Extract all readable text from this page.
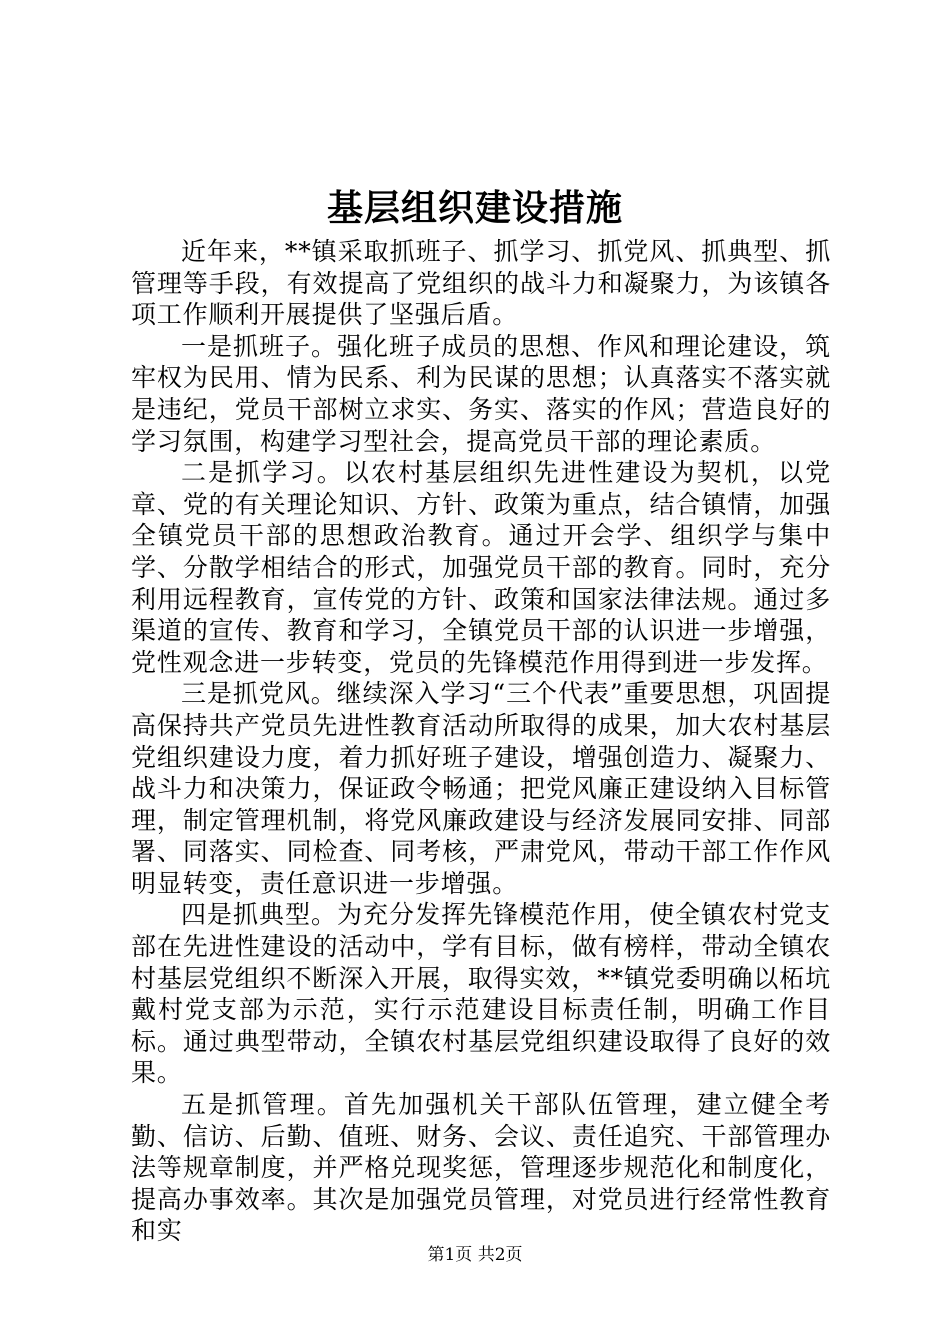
基层组织建设措施

近年来，**镇采取抓班子、抓学习、抓党风、抓典型、抓管理等手段，有效提高了党组织的战斗力和凝聚力，为该镇各项工作顺利开展提供了坚强后盾。

一是抓班子。强化班子成员的思想、作风和理论建设，筑牢权为民用、情为民系、利为民谋的思想；认真落实不落实就是违纪，党员干部树立求实、务实、落实的作风；营造良好的学习氛围，构建学习型社会，提高党员干部的理论素质。

二是抓学习。以农村基层组织先进性建设为契机，以党章、党的有关理论知识、方针、政策为重点，结合镇情，加强全镇党员干部的思想政治教育。通过开会学、组织学与集中学、分散学相结合的形式，加强党员干部的教育。同时，充分利用远程教育，宣传党的方针、政策和国家法律法规。通过多渠道的宣传、教育和学习，全镇党员干部的认识进一步增强，党性观念进一步转变，党员的先锋模范作用得到进一步发挥。

三是抓党风。继续深入学习“三个代表”重要思想，巩固提高保持共产党员先进性教育活动所取得的成果，加大农村基层党组织建设力度，着力抓好班子建设，增强创造力、凝聚力、战斗力和决策力，保证政令畅通；把党风廉正建设纳入目标管理，制定管理机制，将党风廉政建设与经济发展同安排、同部署、同落实、同检查、同考核，严肃党风，带动干部工作作风明显转变，责任意识进一步增强。

四是抓典型。为充分发挥先锋模范作用，使全镇农村党支部在先进性建设的活动中，学有目标，做有榜样，带动全镇农村基层党组织不断深入开展，取得实效，**镇党委明确以柘坑戴村党支部为示范，实行示范建设目标责任制，明确工作目标。通过典型带动，全镇农村基层党组织建设取得了良好的效果。

五是抓管理。首先加强机关干部队伍管理，建立健全考勤、信访、后勤、值班、财务、会议、责任追究、干部管理办法等规章制度，并严格兑现奖惩，管理逐步规范化和制度化，提高办事效率。其次是加强党员管理，对党员进行经常性教育和实

第1页 共2页
